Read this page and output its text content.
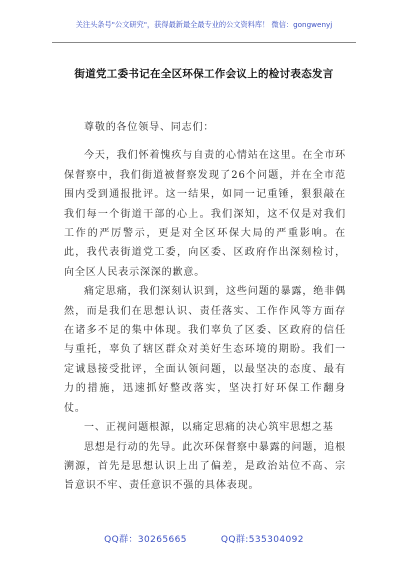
关注头条号"公文研究"，获得最新最全最专业的公文资料库！ 微信：gongwenyj
街道党工委书记在全区环保工作会议上的检讨表态发言

尊敬的各位领导、同志们：

今天，我们怀着愧疚与自责的心情站在这里。在全市环保督察中，我们街道被督察发现了26个问题，并在全市范围内受到通报批评。这一结果，如同一记重锤，狠狠敲在我们每一个街道干部的心上。我们深知，这不仅是对我们工作的严厉警示，更是对全区环保大局的严重影响。在此，我代表街道党工委，向区委、区政府作出深刻检讨，向全区人民表示深深的歉意。

痛定思痛，我们深刻认识到，这些问题的暴露，绝非偶然，而是我们在思想认识、责任落实、工作作风等方面存在诸多不足的集中体现。我们辜负了区委、区政府的信任与重托，辜负了辖区群众对美好生态环境的期盼。我们一定诚恳接受批评，全面认领问题，以最坚决的态度、最有力的措施，迅速抓好整改落实，坚决打好环保工作翻身仗。

一、正视问题根源，以痛定思痛的决心筑牢思想之基

思想是行动的先导。此次环保督察中暴露的问题，追根溯源，首先是思想认识上出了偏差，是政治站位不高、宗旨意识不牢、责任意识不强的具体表现。

QQ群：30265665	QQ群:535304092
